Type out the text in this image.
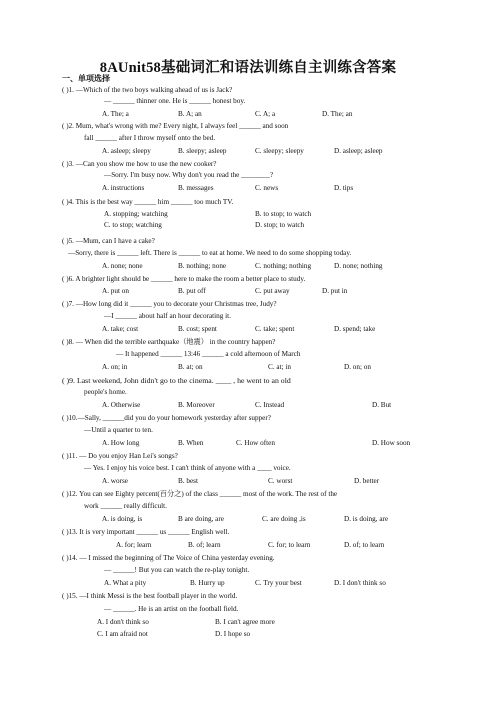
8AUnit58基础词汇和语法训练自主训练含答案
一、单项选择
( )1. —Which of the two boys walking ahead of us is Jack?
— ______ thinner one. He is ______ honest boy.
A. The; a	B. A; an	C. A; a	D. The; an
( )2. Mum, what's wrong with me? Every night, I always feel ______ and soon
fall ______ after I throw myself onto the bed.
A. asleep; sleepy	B. sleepy; asleep	C. sleepy; sleepy	D. asleep; asleep
( )3. —Can you show me how to use the new cooker?
—Sorry. I'm busy now. Why don't you read the ________?
A. instructions	B. messages	C. news	D. tips
( )4. This is the best way ______ him ______ too much TV.
A. stopping; watching	B. to stop; to watch
C. to stop; watching	D. stop; to watch
( )5. —Mum, can I have a cake?
—Sorry, there is ______ left. There is ______ to eat at home. We need to do some shopping today.
A. none; none	B. nothing; none	C. nothing; nothing	D. none; nothing
( )6. A brighter light should be ______ here to make the room a better place to study.
A. put on	B. put off	C. put away	D. put in
( )7. —How long did it ______ you to decorate your Christmas tree, Judy?
—I ______ about half an hour decorating it.
A. take; cost	B. cost; spent	C. take; spent	D. spend; take
( )8. — When did the terrible earthquake（地震） in the country happen?
— It happened ______ 13:46 ______ a cold afternoon of March
A. on; in	B. at; on	C. at; in	D. on; on
( )9. Last weekend, John didn't go to the cinema. ____ , he went to an old
people's home.
A. Otherwise	B. Moreover	C. Instead	D. But
( )10.—Sally, ______did you do your homework yesterday after supper?
—Until a quarter to ten.
A. How long	B. When	C. How often	D. How soon
( )11. — Do you enjoy Han Lei's songs?
— Yes. I enjoy his voice best. I can't think of anyone with a ____ voice.
A. worse	B. best	C. worst	D. better
( )12. You can see Eighty percent(百分之) of the class ______ most of the work. The rest of the
work ______ really difficult.
A. is doing, is	B are doing, are	C. are doing ,is	D. is doing, are
( )13. It is very important ______ us ______ English well.
A. for; learn	B. of; learn	C. for; to learn	D. of; to learn
( )14. — I missed the beginning of The Voice of China yesterday evening.
— ______! But you can watch the re-play tonight.
A. What a pity	B. Hurry up	C. Try your best	D. I don't think so
( )15. —I think Messi is the best football player in the world.
— ______. He is an artist on the football field.
A. I don't think so	B. I can't agree more
C. I am afraid not	D. I hope so
